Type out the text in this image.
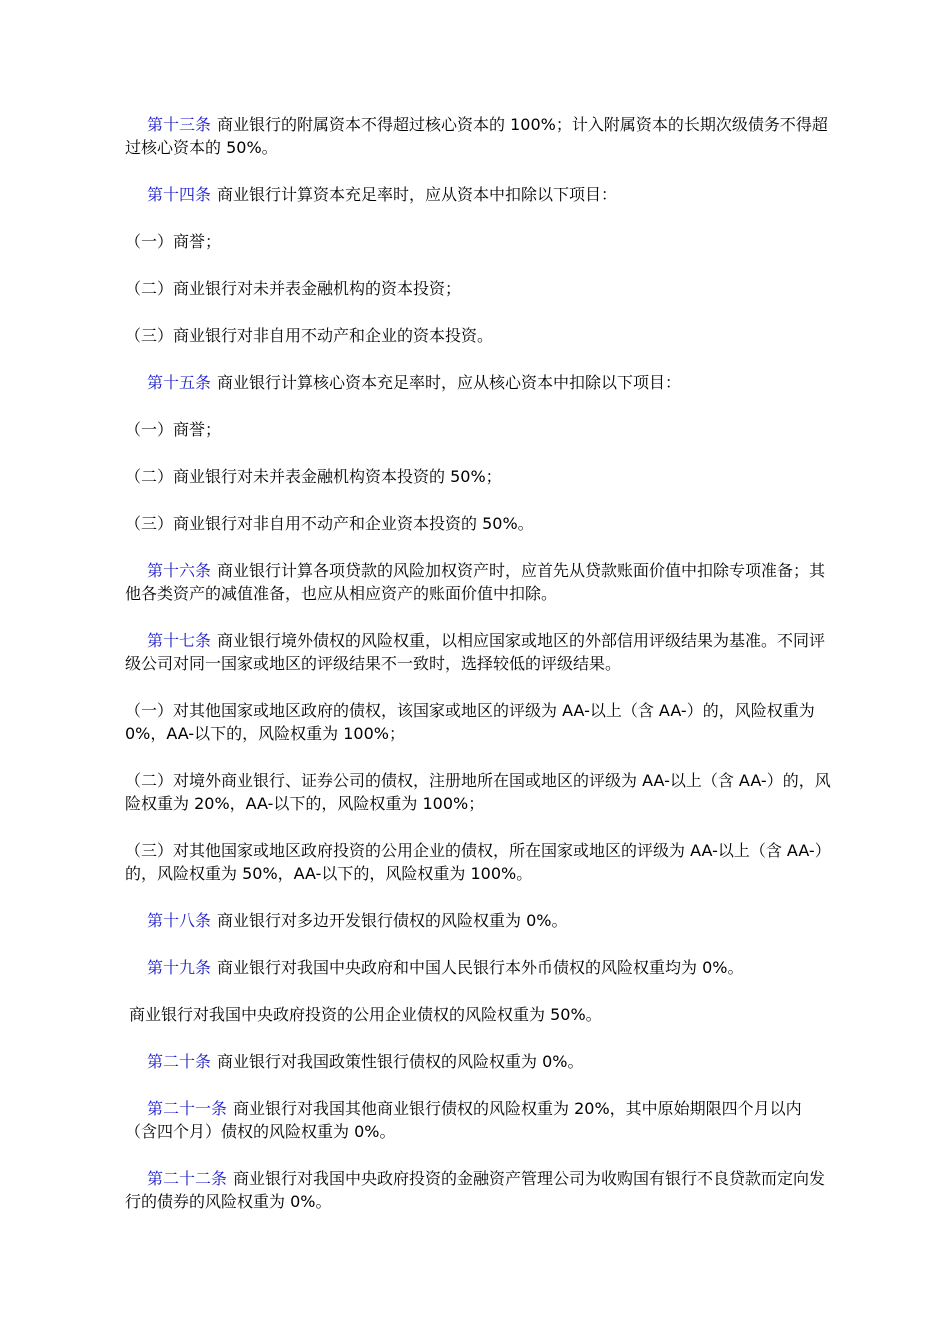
第十三条 商业银行的附属资本不得超过核心资本的 100%；计入附属资本的长期次级债务不得超过核心资本的 50%。
第十四条 商业银行计算资本充足率时，应从资本中扣除以下项目：
（一）商誉；
（二）商业银行对未并表金融机构的资本投资；
（三）商业银行对非自用不动产和企业的资本投资。
第十五条 商业银行计算核心资本充足率时，应从核心资本中扣除以下项目：
（一）商誉；
（二）商业银行对未并表金融机构资本投资的 50%；
（三）商业银行对非自用不动产和企业资本投资的 50%。
第十六条 商业银行计算各项贷款的风险加权资产时，应首先从贷款账面价值中扣除专项准备；其他各类资产的减值准备，也应从相应资产的账面价值中扣除。
第十七条 商业银行境外债权的风险权重，以相应国家或地区的外部信用评级结果为基准。不同评级公司对同一国家或地区的评级结果不一致时，选择较低的评级结果。
（一）对其他国家或地区政府的债权，该国家或地区的评级为 AA-以上（含 AA-）的，风险权重为 0%，AA-以下的，风险权重为 100%；
（二）对境外商业银行、证券公司的债权，注册地所在国或地区的评级为 AA-以上（含 AA-）的，风险权重为 20%，AA-以下的，风险权重为 100%；
（三）对其他国家或地区政府投资的公用企业的债权，所在国家或地区的评级为 AA-以上（含 AA-）的，风险权重为 50%，AA-以下的，风险权重为 100%。
第十八条 商业银行对多边开发银行债权的风险权重为 0%。
第十九条 商业银行对我国中央政府和中国人民银行本外币债权的风险权重均为 0%。
商业银行对我国中央政府投资的公用企业债权的风险权重为 50%。
第二十条 商业银行对我国政策性银行债权的风险权重为 0%。
第二十一条 商业银行对我国其他商业银行债权的风险权重为 20%，其中原始期限四个月以内（含四个月）债权的风险权重为 0%。
第二十二条 商业银行对我国中央政府投资的金融资产管理公司为收购国有银行不良贷款而定向发行的债券的风险权重为 0%。
